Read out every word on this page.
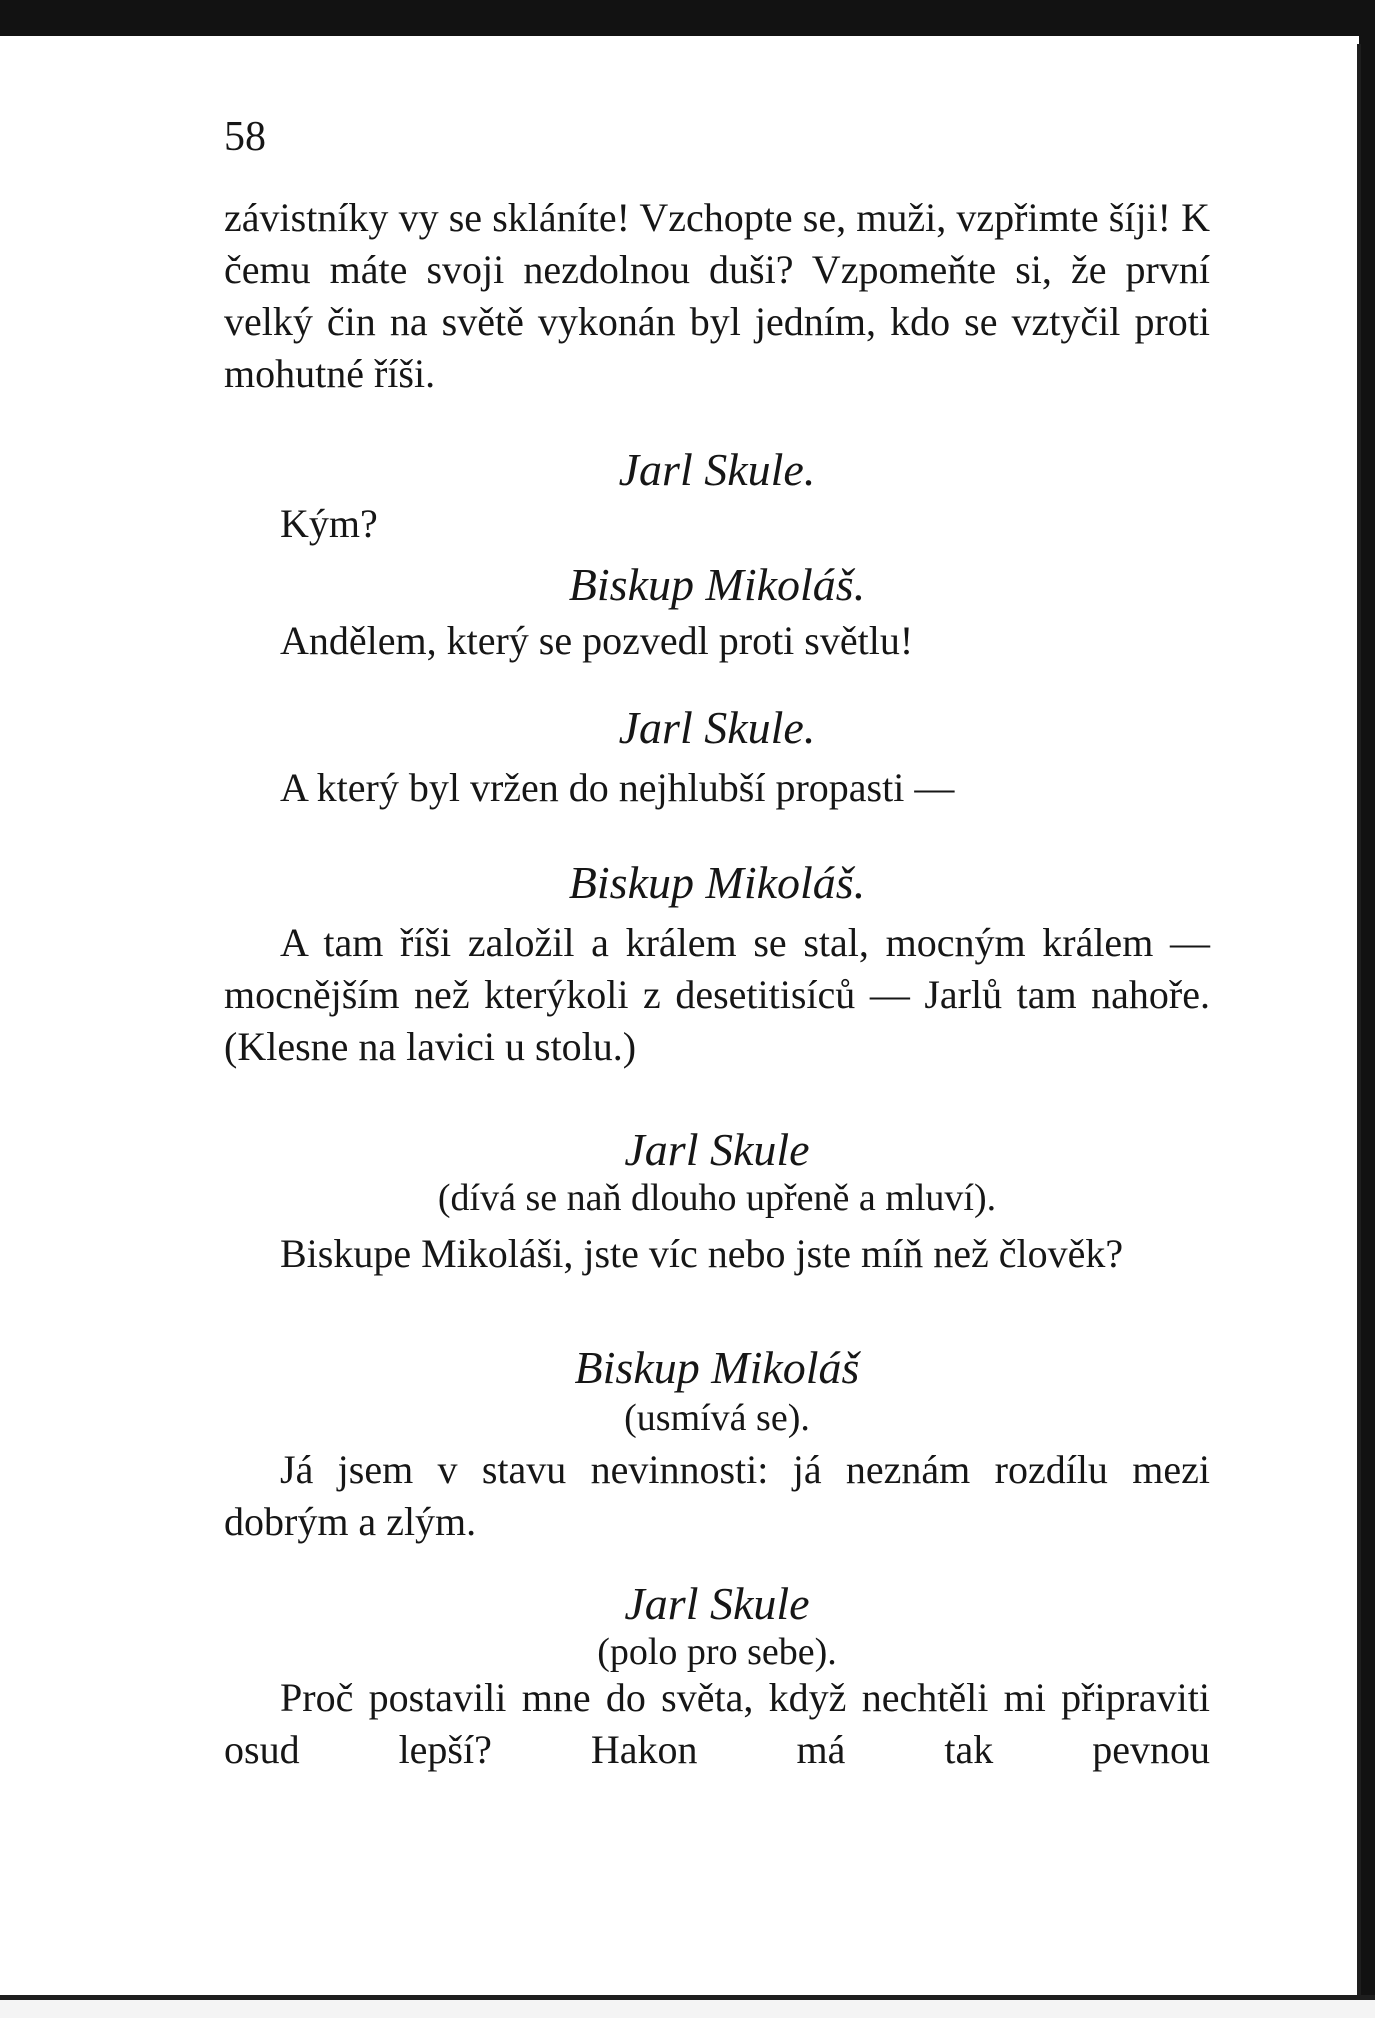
58
závistníky vy se skláníte! Vzchopte se, muži, vzpřimte šíji! K čemu máte svoji nezdolnou duši? Vzpomeňte si, že první velký čin na světě vykonán byl jedním, kdo se vztyčil proti mohutné říši.
Jarl Skule.
Kým?
Biskup Mikoláš.
Andělem, který se pozvedl proti světlu!
Jarl Skule.
A který byl vržen do nejhlubší propasti —
Biskup Mikoláš.
A tam říši založil a králem se stal, mocným králem — mocnějším než kterýkoli z desetitisíců — Jarlů tam nahoře. (Klesne na lavici u stolu.)
Jarl Skule
(dívá se naň dlouho upřeně a mluví).
Biskupe Mikoláši, jste víc nebo jste míň než člověk?
Biskup Mikoláš
(usmívá se).
Já jsem v stavu nevinnosti: já neznám rozdílu mezi dobrým a zlým.
Jarl Skule
(polo pro sebe).
Proč postavili mne do světa, když nechtěli mi připraviti osud lepší? Hakon má tak pevnou
